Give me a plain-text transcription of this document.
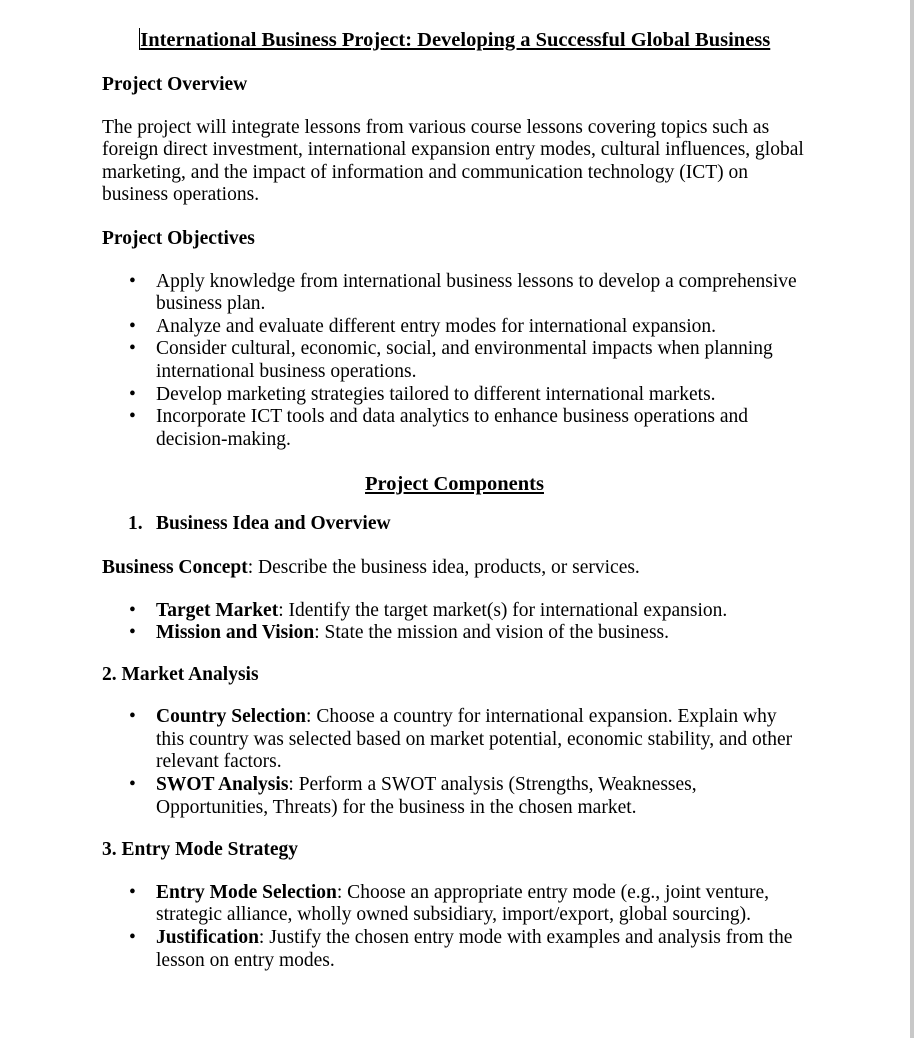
International Business Project: Developing a Successful Global Business
Project Overview

The project will integrate lessons from various course lessons covering topics such as foreign direct investment, international expansion entry modes, cultural influences, global marketing, and the impact of information and communication technology (ICT) on business operations.

Project Objectives
• Apply knowledge from international business lessons to develop a comprehensive business plan.
• Analyze and evaluate different entry modes for international expansion.
• Consider cultural, economic, social, and environmental impacts when planning international business operations.
• Develop marketing strategies tailored to different international markets.
• Incorporate ICT tools and data analytics to enhance business operations and decision-making.
Project Components
1. Business Idea and Overview

Business Concept: Describe the business idea, products, or services.

• Target Market: Identify the target market(s) for international expansion.
• Mission and Vision: State the mission and vision of the business.
2. Market Analysis
• Country Selection: Choose a country for international expansion. Explain why this country was selected based on market potential, economic stability, and other relevant factors.
• SWOT Analysis: Perform a SWOT analysis (Strengths, Weaknesses, Opportunities, Threats) for the business in the chosen market.
3. Entry Mode Strategy
• Entry Mode Selection: Choose an appropriate entry mode (e.g., joint venture, strategic alliance, wholly owned subsidiary, import/export, global sourcing).
• Justification: Justify the chosen entry mode with examples and analysis from the lesson on entry modes.
